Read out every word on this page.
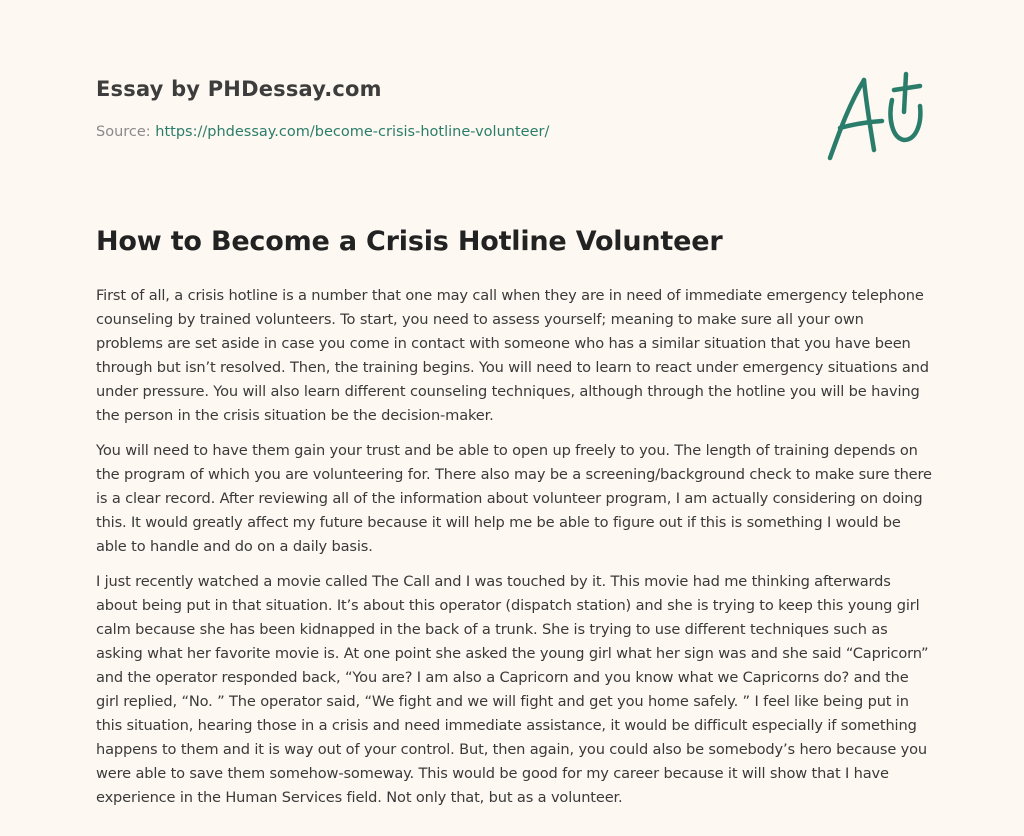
Essay by PHDessay.com
Source: https://phdessay.com/become-crisis-hotline-volunteer/
How to Become a Crisis Hotline Volunteer

First of all, a crisis hotline is a number that one may call when they are in need of immediate emergency telephone counseling by trained volunteers. To start, you need to assess yourself; meaning to make sure all your own problems are set aside in case you come in contact with someone who has a similar situation that you have been through but isn’t resolved. Then, the training begins. You will need to learn to react under emergency situations and under pressure. You will also learn different counseling techniques, although through the hotline you will be having the person in the crisis situation be the decision-maker.

You will need to have them gain your trust and be able to open up freely to you. The length of training depends on the program of which you are volunteering for. There also may be a screening/background check to make sure there is a clear record. After reviewing all of the information about volunteer program, I am actually considering on doing this. It would greatly affect my future because it will help me be able to figure out if this is something I would be able to handle and do on a daily basis.

I just recently watched a movie called The Call and I was touched by it. This movie had me thinking afterwards about being put in that situation. It’s about this operator (dispatch station) and she is trying to keep this young girl calm because she has been kidnapped in the back of a trunk. She is trying to use different techniques such as asking what her favorite movie is. At one point she asked the young girl what her sign was and she said “Capricorn” and the operator responded back, “You are? I am also a Capricorn and you know what we Capricorns do? and the girl replied, “No. ” The operator said, “We fight and we will fight and get you home safely. ” I feel like being put in this situation, hearing those in a crisis and need immediate assistance, it would be difficult especially if something happens to them and it is way out of your control. But, then again, you could also be somebody’s hero because you were able to save them somehow-someway. This would be good for my career because it will show that I have experience in the Human Services field. Not only that, but as a volunteer.
